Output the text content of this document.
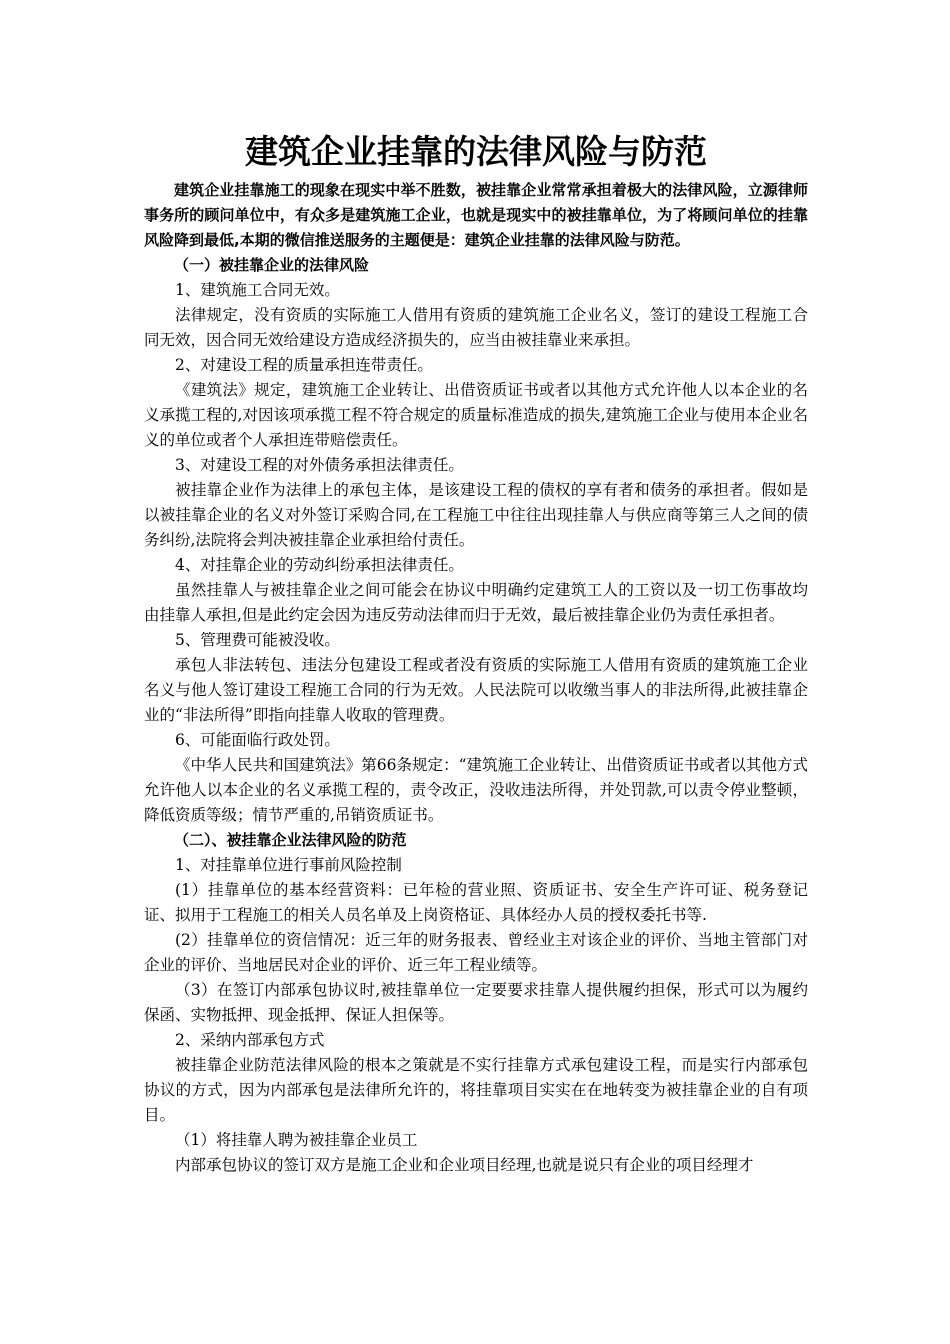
建筑企业挂靠的法律风险与防范

建筑企业挂靠施工的现象在现实中举不胜数，被挂靠企业常常承担着极大的法律风险，立源律师事务所的顾问单位中，有众多是建筑施工企业，也就是现实中的被挂靠单位，为了将顾问单位的挂靠风险降到最低,本期的微信推送服务的主题便是：建筑企业挂靠的法律风险与防范。

（一）被挂靠企业的法律风险

1、建筑施工合同无效。

法律规定，没有资质的实际施工人借用有资质的建筑施工企业名义，签订的建设工程施工合同无效，因合同无效给建设方造成经济损失的，应当由被挂靠业来承担。

2、对建设工程的质量承担连带责任。

《建筑法》规定，建筑施工企业转让、出借资质证书或者以其他方式允许他人以本企业的名义承揽工程的,对因该项承揽工程不符合规定的质量标准造成的损失,建筑施工企业与使用本企业名义的单位或者个人承担连带赔偿责任。

3、对建设工程的对外债务承担法律责任。

被挂靠企业作为法律上的承包主体，是该建设工程的债权的享有者和债务的承担者。假如是以被挂靠企业的名义对外签订采购合同,在工程施工中往往出现挂靠人与供应商等第三人之间的债务纠纷,法院将会判决被挂靠企业承担给付责任。

4、对挂靠企业的劳动纠纷承担法律责任。

虽然挂靠人与被挂靠企业之间可能会在协议中明确约定建筑工人的工资以及一切工伤事故均由挂靠人承担,但是此约定会因为违反劳动法律而归于无效，最后被挂靠企业仍为责任承担者。

5、管理费可能被没收。

承包人非法转包、违法分包建设工程或者没有资质的实际施工人借用有资质的建筑施工企业名义与他人签订建设工程施工合同的行为无效。人民法院可以收缴当事人的非法所得,此被挂靠企业的“非法所得”即指向挂靠人收取的管理费。

6、可能面临行政处罚。

《中华人民共和国建筑法》第66条规定：“建筑施工企业转让、出借资质证书或者以其他方式允许他人以本企业的名义承揽工程的，责令改正，没收违法所得，并处罚款,可以责令停业整顿，降低资质等级；情节严重的,吊销资质证书。

（二）、被挂靠企业法律风险的防范

1、对挂靠单位进行事前风险控制

(1）挂靠单位的基本经营资料：已年检的营业照、资质证书、安全生产许可证、税务登记证、拟用于工程施工的相关人员名单及上岗资格证、具体经办人员的授权委托书等.

(2）挂靠单位的资信情况：近三年的财务报表、曾经业主对该企业的评价、当地主管部门对企业的评价、当地居民对企业的评价、近三年工程业绩等。

（3）在签订内部承包协议时,被挂靠单位一定要要求挂靠人提供履约担保，形式可以为履约保函、实物抵押、现金抵押、保证人担保等。

2、采纳内部承包方式

被挂靠企业防范法律风险的根本之策就是不实行挂靠方式承包建设工程，而是实行内部承包协议的方式，因为内部承包是法律所允许的，将挂靠项目实实在在地转变为被挂靠企业的自有项目。

（1）将挂靠人聘为被挂靠企业员工

内部承包协议的签订双方是施工企业和企业项目经理,也就是说只有企业的项目经理才
